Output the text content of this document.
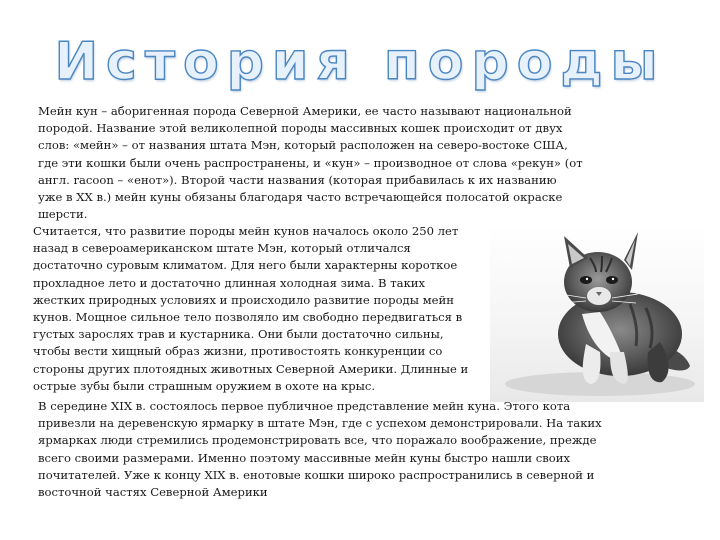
История породы
Мейн кун – аборигенная порода Северной Америки, ее часто называют национальной породой. Название этой великолепной породы массивных кошек происходит от двух слов: «мейн» – от названия штата Мэн, который расположен на северо-востоке США, где эти кошки были очень распространены, и «кун» – производное от слова «рекун» (от англ. racoon – «енот»). Второй части названия (которая прибавилась к их названию уже в XX в.) мейн куны обязаны благодаря часто встречающейся полосатой окраске шерсти.
Считается, что развитие породы мейн кунов началось около 250 лет назад в североамериканском штате Мэн, который отличался достаточно суровым климатом. Для него были характерны короткое прохладное лето и достаточно длинная холодная зима. В таких жестких природных условиях и происходило развитие породы мейн кунов. Мощное сильное тело позволяло им свободно передвигаться в густых зарослях трав и кустарника. Они были достаточно сильны, чтобы вести хищный образ жизни, противостоять конкуренции со стороны других плотоядных животных Северной Америки. Длинные и острые зубы были страшным оружием в охоте на крыс.
В середине XIX в. состоялось первое публичное представление мейн куна. Этого кота привезли на деревенскую ярмарку в штате Мэн, где с успехом демонстрировали. На таких ярмарках люди стремились продемонстрировать все, что поражало воображение, прежде всего своими размерами. Именно поэтому массивные мейн куны быстро нашли своих почитателей. Уже к концу XIX в. енотовые кошки широко распространились в северной и восточной частях Северной Америки
